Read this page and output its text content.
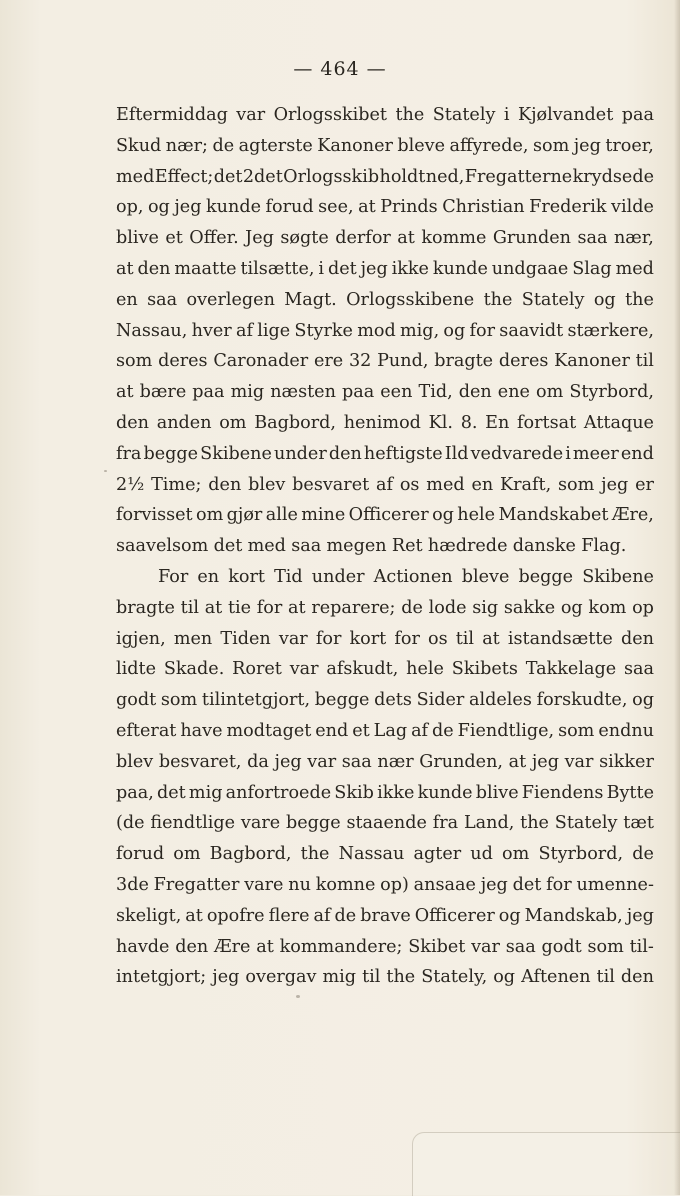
— 464 —
Eftermiddag var Orlogsskibet the Stately i Kjølvandet paa
Skud nær; de agterste Kanoner bleve affyrede, som jeg troer,
med Effect; det 2det Orlogsskib holdt ned, Fregatterne krydsede
op, og jeg kunde forud see, at Prinds Christian Frederik vilde
blive et Offer. Jeg søgte derfor at komme Grunden saa nær,
at den maatte tilsætte, i det jeg ikke kunde undgaae Slag med
en saa overlegen Magt. Orlogsskibene the Stately og the
Nassau, hver af lige Styrke mod mig, og for saavidt stærkere,
som deres Caronader ere 32 Pund, bragte deres Kanoner til
at bære paa mig næsten paa een Tid, den ene om Styrbord,
den anden om Bagbord, henimod Kl. 8. En fortsat Attaque
fra begge Skibene under den heftigste Ild vedvarede i meer end
2½ Time; den blev besvaret af os med en Kraft, som jeg er
forvisset om gjør alle mine Officerer og hele Mandskabet Ære,
saavelsom det med saa megen Ret hædrede danske Flag.
For en kort Tid under Actionen bleve begge Skibene
bragte til at tie for at reparere; de lode sig sakke og kom op
igjen, men Tiden var for kort for os til at istandsætte den
lidte Skade. Roret var afskudt, hele Skibets Takkelage saa
godt som tilintetgjort, begge dets Sider aldeles forskudte, og
efterat have modtaget end et Lag af de Fiendtlige, som endnu
blev besvaret, da jeg var saa nær Grunden, at jeg var sikker
paa, det mig anfortroede Skib ikke kunde blive Fiendens Bytte
(de fiendtlige vare begge staaende fra Land, the Stately tæt
forud om Bagbord, the Nassau agter ud om Styrbord, de
3de Fregatter vare nu komne op) ansaae jeg det for umenne-
skeligt, at opofre flere af de brave Officerer og Mandskab, jeg
havde den Ære at kommandere; Skibet var saa godt som til-
intetgjort; jeg overgav mig til the Stately, og Aftenen til den
